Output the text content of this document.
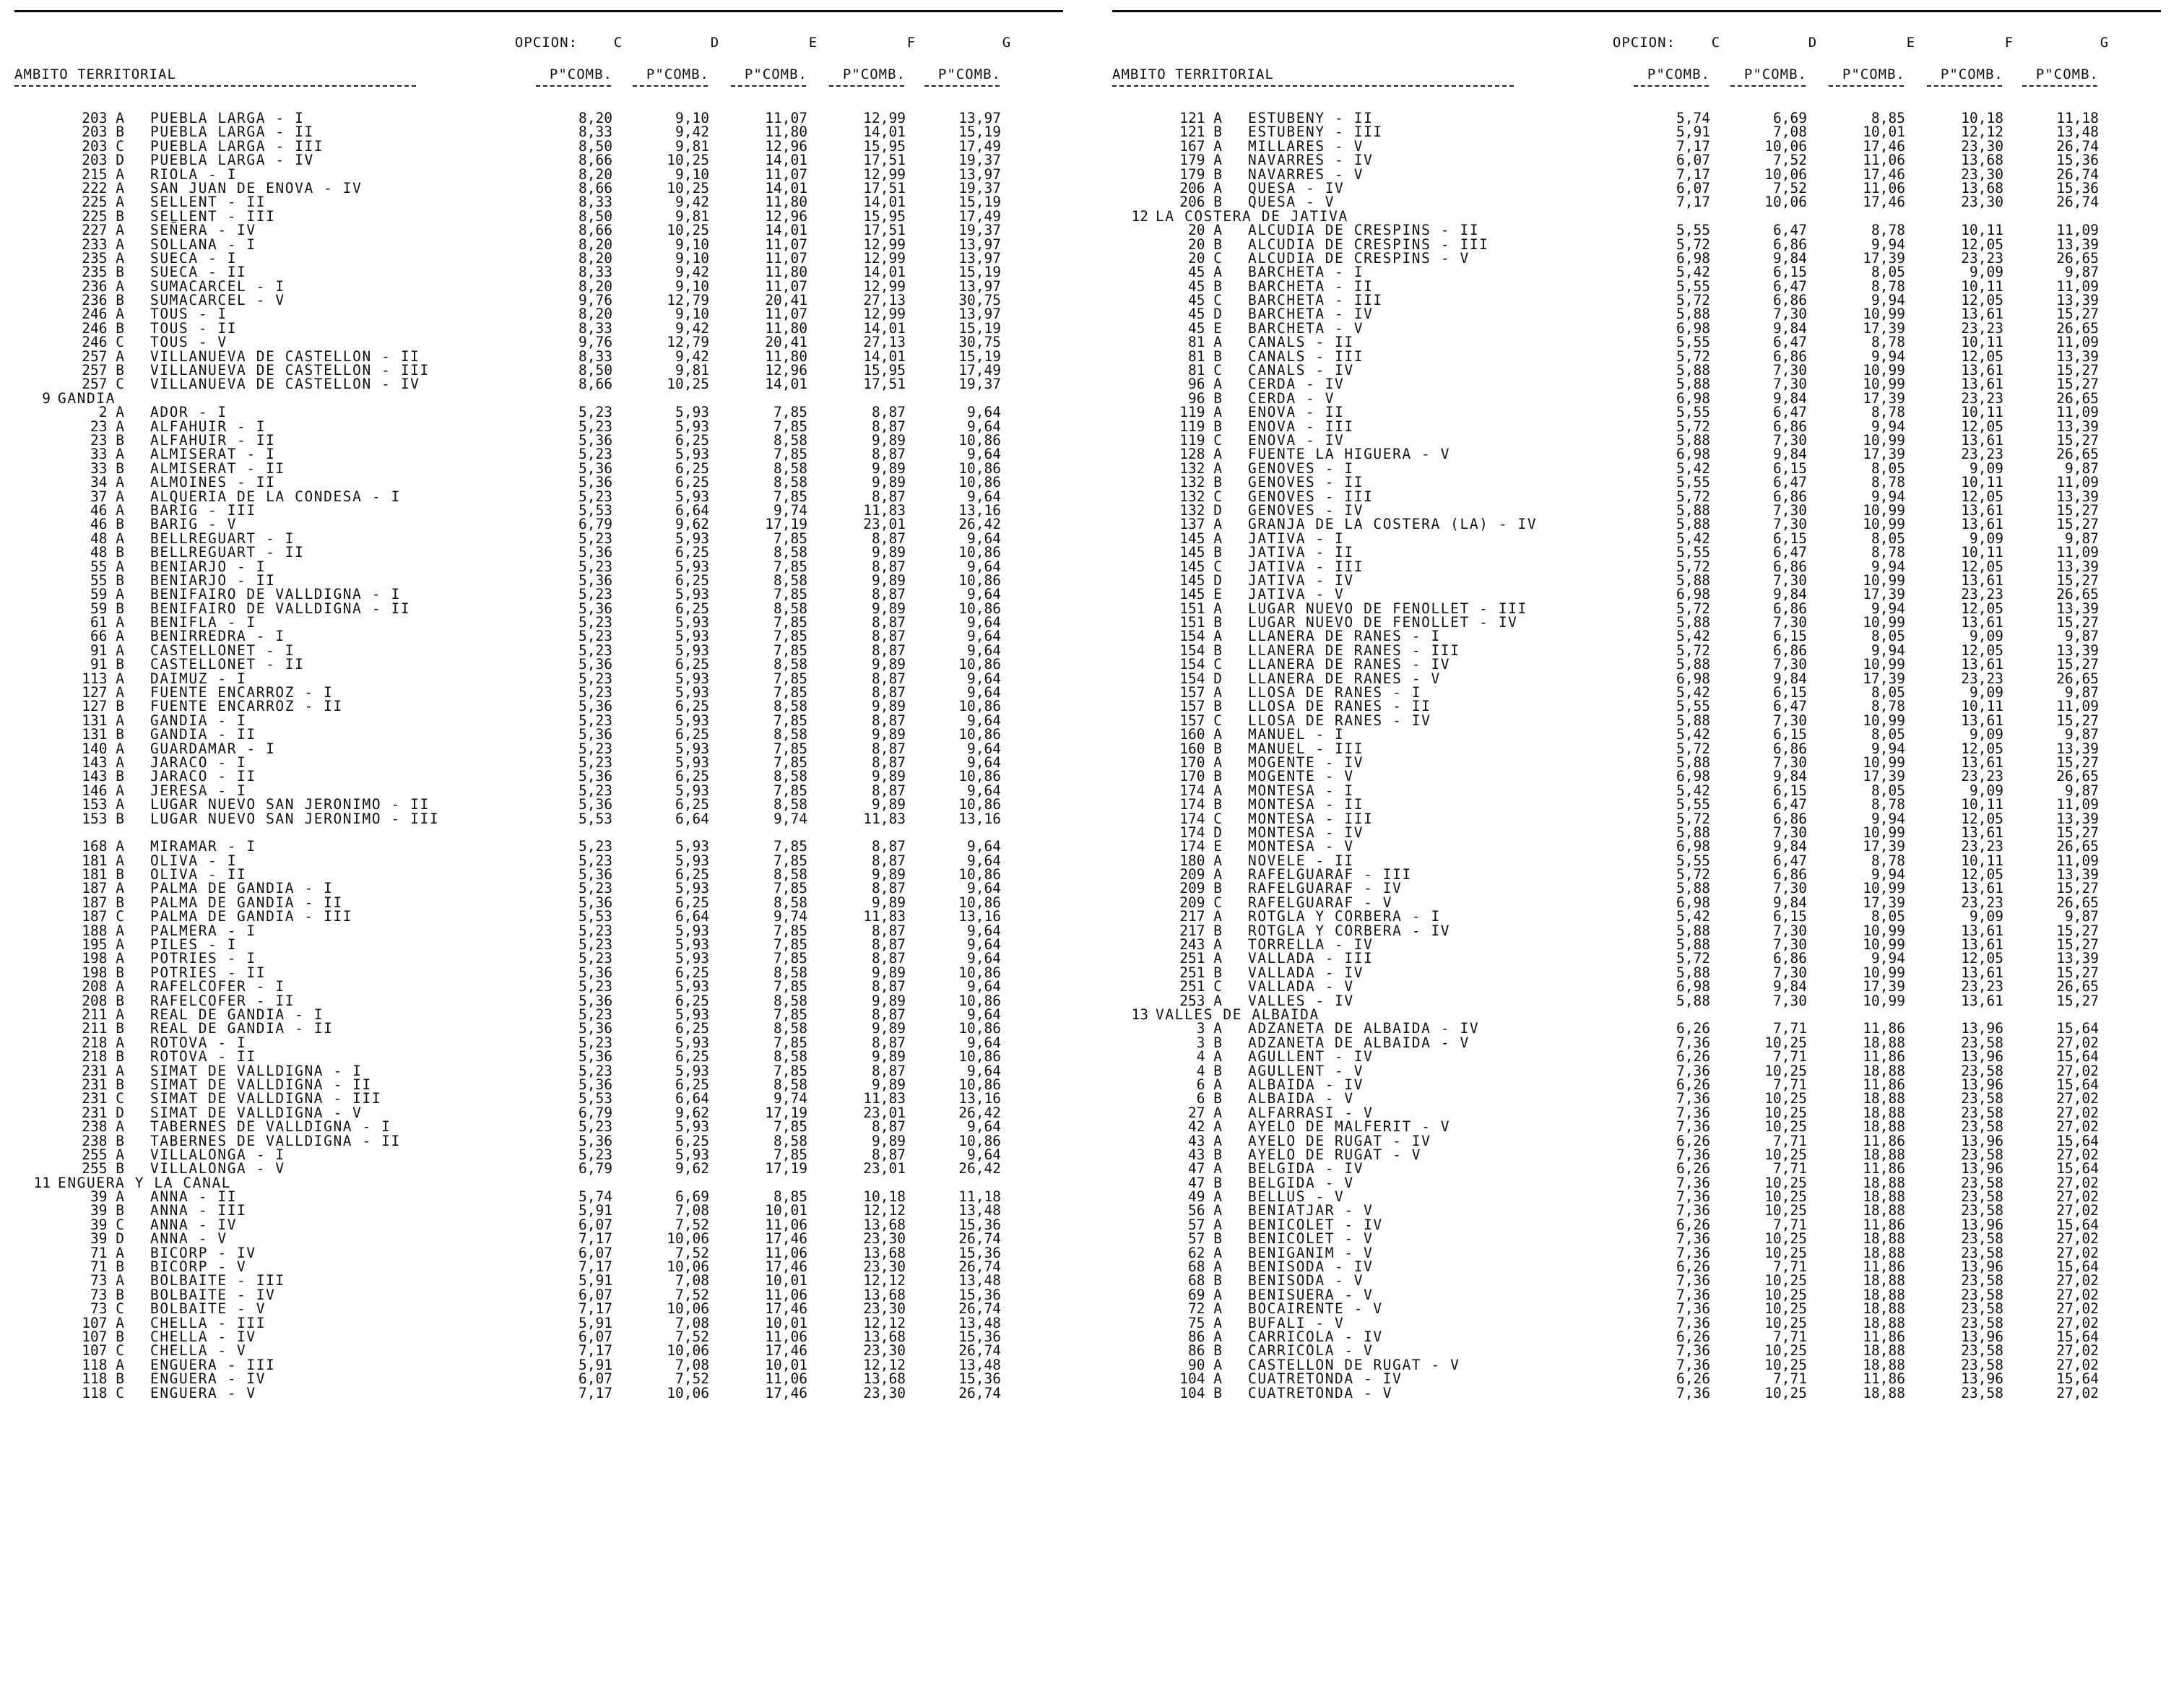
OPCION:	C	D	E	F	G
AMBITO TERRITORIAL	P"COMB.	P"COMB.	P"COMB.	P"COMB.	P"COMB.
203 A PUEBLA LARGA - I	8,20	9,10	11,07	12,99	13,97
203 B PUEBLA LARGA - II	8,33	9,42	11,80	14,01	15,19
203 C PUEBLA LARGA - III	8,50	9,81	12,96	15,95	17,49
203 D PUEBLA LARGA - IV	8,66	10,25	14,01	17,51	19,37
215 A RIOLA - I	8,20	9,10	11,07	12,99	13,97
222 A SAN JUAN DE ENOVA - IV	8,66	10,25	14,01	17,51	19,37
225 A SELLENT - II	8,33	9,42	11,80	14,01	15,19
225 B SELLENT - III	8,50	9,81	12,96	15,95	17,49
227 A SEÑERA - IV	8,66	10,25	14,01	17,51	19,37
233 A SOLLANA - I	8,20	9,10	11,07	12,99	13,97
235 A SUECA - I	8,20	9,10	11,07	12,99	13,97
235 B SUECA - II	8,33	9,42	11,80	14,01	15,19
236 A SUMACARCEL - I	8,20	9,10	11,07	12,99	13,97
236 B SUMACARCEL - V	9,76	12,79	20,41	27,13	30,75
246 A TOUS - I	8,20	9,10	11,07	12,99	13,97
246 B TOUS - II	8,33	9,42	11,80	14,01	15,19
246 C TOUS - V	9,76	12,79	20,41	27,13	30,75
257 A VILLANUEVA DE CASTELLON - II	8,33	9,42	11,80	14,01	15,19
257 B VILLANUEVA DE CASTELLON - III	8,50	9,81	12,96	15,95	17,49
257 C VILLANUEVA DE CASTELLON - IV	8,66	10,25	14,01	17,51	19,37
9 GANDIA
2 A ADOR - I	5,23	5,93	7,85	8,87	9,64
23 A ALFAHUIR - I	5,23	5,93	7,85	8,87	9,64
23 B ALFAHUIR - II	5,36	6,25	8,58	9,89	10,86
33 A ALMISERAT - I	5,23	5,93	7,85	8,87	9,64
33 B ALMISERAT - II	5,36	6,25	8,58	9,89	10,86
34 A ALMOINES - II	5,36	6,25	8,58	9,89	10,86
37 A ALQUERIA DE LA CONDESA - I	5,23	5,93	7,85	8,87	9,64
46 A BARIG - III	5,53	6,64	9,74	11,83	13,16
46 B BARIG - V	6,79	9,62	17,19	23,01	26,42
48 A BELLREGUART - I	5,23	5,93	7,85	8,87	9,64
48 B BELLREGUART - II	5,36	6,25	8,58	9,89	10,86
55 A BENIARJO - I	5,23	5,93	7,85	8,87	9,64
55 B BENIARJO - II	5,36	6,25	8,58	9,89	10,86
59 A BENIFAIRO DE VALLDIGNA - I	5,23	5,93	7,85	8,87	9,64
59 B BENIFAIRO DE VALLDIGNA - II	5,36	6,25	8,58	9,89	10,86
61 A BENIFLA - I	5,23	5,93	7,85	8,87	9,64
66 A BENIRREDRA - I	5,23	5,93	7,85	8,87	9,64
91 A CASTELLONET - I	5,23	5,93	7,85	8,87	9,64
91 B CASTELLONET - II	5,36	6,25	8,58	9,89	10,86
113 A DAIMUZ - I	5,23	5,93	7,85	8,87	9,64
127 A FUENTE ENCARROZ - I	5,23	5,93	7,85	8,87	9,64
127 B FUENTE ENCARROZ - II	5,36	6,25	8,58	9,89	10,86
131 A GANDIA - I	5,23	5,93	7,85	8,87	9,64
131 B GANDIA - II	5,36	6,25	8,58	9,89	10,86
140 A GUARDAMAR - I	5,23	5,93	7,85	8,87	9,64
143 A JARACO - I	5,23	5,93	7,85	8,87	9,64
143 B JARACO - II	5,36	6,25	8,58	9,89	10,86
146 A JERESA - I	5,23	5,93	7,85	8,87	9,64
153 A LUGAR NUEVO SAN JERONIMO - II	5,36	6,25	8,58	9,89	10,86
153 B LUGAR NUEVO SAN JERONIMO - III	5,53	6,64	9,74	11,83	13,16
168 A MIRAMAR - I	5,23	5,93	7,85	8,87	9,64
181 A OLIVA - I	5,23	5,93	7,85	8,87	9,64
181 B OLIVA - II	5,36	6,25	8,58	9,89	10,86
187 A PALMA DE GANDIA - I	5,23	5,93	7,85	8,87	9,64
187 B PALMA DE GANDIA - II	5,36	6,25	8,58	9,89	10,86
187 C PALMA DE GANDIA - III	5,53	6,64	9,74	11,83	13,16
188 A PALMERA - I	5,23	5,93	7,85	8,87	9,64
195 A PILES - I	5,23	5,93	7,85	8,87	9,64
198 A POTRIES - I	5,23	5,93	7,85	8,87	9,64
198 B POTRIES - II	5,36	6,25	8,58	9,89	10,86
208 A RAFELCOFER - I	5,23	5,93	7,85	8,87	9,64
208 B RAFELCOFER - II	5,36	6,25	8,58	9,89	10,86
211 A REAL DE GANDIA - I	5,23	5,93	7,85	8,87	9,64
211 B REAL DE GANDIA - II	5,36	6,25	8,58	9,89	10,86
218 A ROTOVA - I	5,23	5,93	7,85	8,87	9,64
218 B ROTOVA - II	5,36	6,25	8,58	9,89	10,86
231 A SIMAT DE VALLDIGNA - I	5,23	5,93	7,85	8,87	9,64
231 B SIMAT DE VALLDIGNA - II	5,36	6,25	8,58	9,89	10,86
231 C SIMAT DE VALLDIGNA - III	5,53	6,64	9,74	11,83	13,16
231 D SIMAT DE VALLDIGNA - V	6,79	9,62	17,19	23,01	26,42
238 A TABERNES DE VALLDIGNA - I	5,23	5,93	7,85	8,87	9,64
238 B TABERNES DE VALLDIGNA - II	5,36	6,25	8,58	9,89	10,86
255 A VILLALONGA - I	5,23	5,93	7,85	8,87	9,64
255 B VILLALONGA - V	6,79	9,62	17,19	23,01	26,42
11 ENGUERA Y LA CANAL
39 A ANNA - II	5,74	6,69	8,85	10,18	11,18
39 B ANNA - III	5,91	7,08	10,01	12,12	13,48
39 C ANNA - IV	6,07	7,52	11,06	13,68	15,36
39 D ANNA - V	7,17	10,06	17,46	23,30	26,74
71 A BICORP - IV	6,07	7,52	11,06	13,68	15,36
71 B BICORP - V	7,17	10,06	17,46	23,30	26,74
73 A BOLBAITE - III	5,91	7,08	10,01	12,12	13,48
73 B BOLBAITE - IV	6,07	7,52	11,06	13,68	15,36
73 C BOLBAITE - V	7,17	10,06	17,46	23,30	26,74
107 A CHELLA - III	5,91	7,08	10,01	12,12	13,48
107 B CHELLA - IV	6,07	7,52	11,06	13,68	15,36
107 C CHELLA - V	7,17	10,06	17,46	23,30	26,74
118 A ENGUERA - III	5,91	7,08	10,01	12,12	13,48
118 B ENGUERA - IV	6,07	7,52	11,06	13,68	15,36
118 C ENGUERA - V	7,17	10,06	17,46	23,30	26,74
OPCION:	C	D	E	F	G
AMBITO TERRITORIAL	P"COMB.	P"COMB.	P"COMB.	P"COMB.	P"COMB.
121 A ESTUBENY - II	5,74	6,69	8,85	10,18	11,18
121 B ESTUBENY - III	5,91	7,08	10,01	12,12	13,48
167 A MILLARES - V	7,17	10,06	17,46	23,30	26,74
179 A NAVARRES - IV	6,07	7,52	11,06	13,68	15,36
179 B NAVARRES - V	7,17	10,06	17,46	23,30	26,74
206 A QUESA - IV	6,07	7,52	11,06	13,68	15,36
206 B QUESA - V	7,17	10,06	17,46	23,30	26,74
12 LA COSTERA DE JATIVA
20 A ALCUDIA DE CRESPINS - II	5,55	6,47	8,78	10,11	11,09
20 B ALCUDIA DE CRESPINS - III	5,72	6,86	9,94	12,05	13,39
20 C ALCUDIA DE CRESPINS - V	6,98	9,84	17,39	23,23	26,65
45 A BARCHETA - I	5,42	6,15	8,05	9,09	9,87
45 B BARCHETA - II	5,55	6,47	8,78	10,11	11,09
45 C BARCHETA - III	5,72	6,86	9,94	12,05	13,39
45 D BARCHETA - IV	5,88	7,30	10,99	13,61	15,27
45 E BARCHETA - V	6,98	9,84	17,39	23,23	26,65
81 A CANALS - II	5,55	6,47	8,78	10,11	11,09
81 B CANALS - III	5,72	6,86	9,94	12,05	13,39
81 C CANALS - IV	5,88	7,30	10,99	13,61	15,27
96 A CERDA - IV	5,88	7,30	10,99	13,61	15,27
96 B CERDA - V	6,98	9,84	17,39	23,23	26,65
119 A ENOVA - II	5,55	6,47	8,78	10,11	11,09
119 B ENOVA - III	5,72	6,86	9,94	12,05	13,39
119 C ENOVA - IV	5,88	7,30	10,99	13,61	15,27
128 A FUENTE LA HIGUERA - V	6,98	9,84	17,39	23,23	26,65
132 A GENOVES - I	5,42	6,15	8,05	9,09	9,87
132 B GENOVES - II	5,55	6,47	8,78	10,11	11,09
132 C GENOVES - III	5,72	6,86	9,94	12,05	13,39
132 D GENOVES - IV	5,88	7,30	10,99	13,61	15,27
137 A GRANJA DE LA COSTERA (LA) - IV	5,88	7,30	10,99	13,61	15,27
145 A JATIVA - I	5,42	6,15	8,05	9,09	9,87
145 B JATIVA - II	5,55	6,47	8,78	10,11	11,09
145 C JATIVA - III	5,72	6,86	9,94	12,05	13,39
145 D JATIVA - IV	5,88	7,30	10,99	13,61	15,27
145 E JATIVA - V	6,98	9,84	17,39	23,23	26,65
151 A LUGAR NUEVO DE FENOLLET - III	5,72	6,86	9,94	12,05	13,39
151 B LUGAR NUEVO DE FENOLLET - IV	5,88	7,30	10,99	13,61	15,27
154 A LLANERA DE RANES - I	5,42	6,15	8,05	9,09	9,87
154 B LLANERA DE RANES - III	5,72	6,86	9,94	12,05	13,39
154 C LLANERA DE RANES - IV	5,88	7,30	10,99	13,61	15,27
154 D LLANERA DE RANES - V	6,98	9,84	17,39	23,23	26,65
157 A LLOSA DE RANES - I	5,42	6,15	8,05	9,09	9,87
157 B LLOSA DE RANES - II	5,55	6,47	8,78	10,11	11,09
157 C LLOSA DE RANES - IV	5,88	7,30	10,99	13,61	15,27
160 A MANUEL - I	5,42	6,15	8,05	9,09	9,87
160 B MANUEL - III	5,72	6,86	9,94	12,05	13,39
170 A MOGENTE - IV	5,88	7,30	10,99	13,61	15,27
170 B MOGENTE - V	6,98	9,84	17,39	23,23	26,65
174 A MONTESA - I	5,42	6,15	8,05	9,09	9,87
174 B MONTESA - II	5,55	6,47	8,78	10,11	11,09
174 C MONTESA - III	5,72	6,86	9,94	12,05	13,39
174 D MONTESA - IV	5,88	7,30	10,99	13,61	15,27
174 E MONTESA - V	6,98	9,84	17,39	23,23	26,65
180 A NOVELE - II	5,55	6,47	8,78	10,11	11,09
209 A RAFELGUARAF - III	5,72	6,86	9,94	12,05	13,39
209 B RAFELGUARAF - IV	5,88	7,30	10,99	13,61	15,27
209 C RAFELGUARAF - V	6,98	9,84	17,39	23,23	26,65
217 A ROTGLA Y CORBERA - I	5,42	6,15	8,05	9,09	9,87
217 B ROTGLA Y CORBERA - IV	5,88	7,30	10,99	13,61	15,27
243 A TORRELLA - IV	5,88	7,30	10,99	13,61	15,27
251 A VALLADA - III	5,72	6,86	9,94	12,05	13,39
251 B VALLADA - IV	5,88	7,30	10,99	13,61	15,27
251 C VALLADA - V	6,98	9,84	17,39	23,23	26,65
253 A VALLES - IV	5,88	7,30	10,99	13,61	15,27
13 VALLES DE ALBAIDA
3 A ADZANETA DE ALBAIDA - IV	6,26	7,71	11,86	13,96	15,64
3 B ADZANETA DE ALBAIDA - V	7,36	10,25	18,88	23,58	27,02
4 A AGULLENT - IV	6,26	7,71	11,86	13,96	15,64
4 B AGULLENT - V	7,36	10,25	18,88	23,58	27,02
6 A ALBAIDA - IV	6,26	7,71	11,86	13,96	15,64
6 B ALBAIDA - V	7,36	10,25	18,88	23,58	27,02
27 A ALFARRASI - V	7,36	10,25	18,88	23,58	27,02
42 A AYELO DE MALFERIT - V	7,36	10,25	18,88	23,58	27,02
43 A AYELO DE RUGAT - IV	6,26	7,71	11,86	13,96	15,64
43 B AYELO DE RUGAT - V	7,36	10,25	18,88	23,58	27,02
47 A BELGIDA - IV	6,26	7,71	11,86	13,96	15,64
47 B BELGIDA - V	7,36	10,25	18,88	23,58	27,02
49 A BELLUS - V	7,36	10,25	18,88	23,58	27,02
56 A BENIATJAR - V	7,36	10,25	18,88	23,58	27,02
57 A BENICOLET - IV	6,26	7,71	11,86	13,96	15,64
57 B BENICOLET - V	7,36	10,25	18,88	23,58	27,02
62 A BENIGANIM - V	7,36	10,25	18,88	23,58	27,02
68 A BENISODA - IV	6,26	7,71	11,86	13,96	15,64
68 B BENISODA - V	7,36	10,25	18,88	23,58	27,02
69 A BENISUERA - V	7,36	10,25	18,88	23,58	27,02
72 A BOCAIRENTE - V	7,36	10,25	18,88	23,58	27,02
75 A BUFALI - V	7,36	10,25	18,88	23,58	27,02
86 A CARRICOLA - IV	6,26	7,71	11,86	13,96	15,64
86 B CARRICOLA - V	7,36	10,25	18,88	23,58	27,02
90 A CASTELLON DE RUGAT - V	7,36	10,25	18,88	23,58	27,02
104 A CUATRETONDA - IV	6,26	7,71	11,86	13,96	15,64
104 B CUATRETONDA - V	7,36	10,25	18,88	23,58	27,02
